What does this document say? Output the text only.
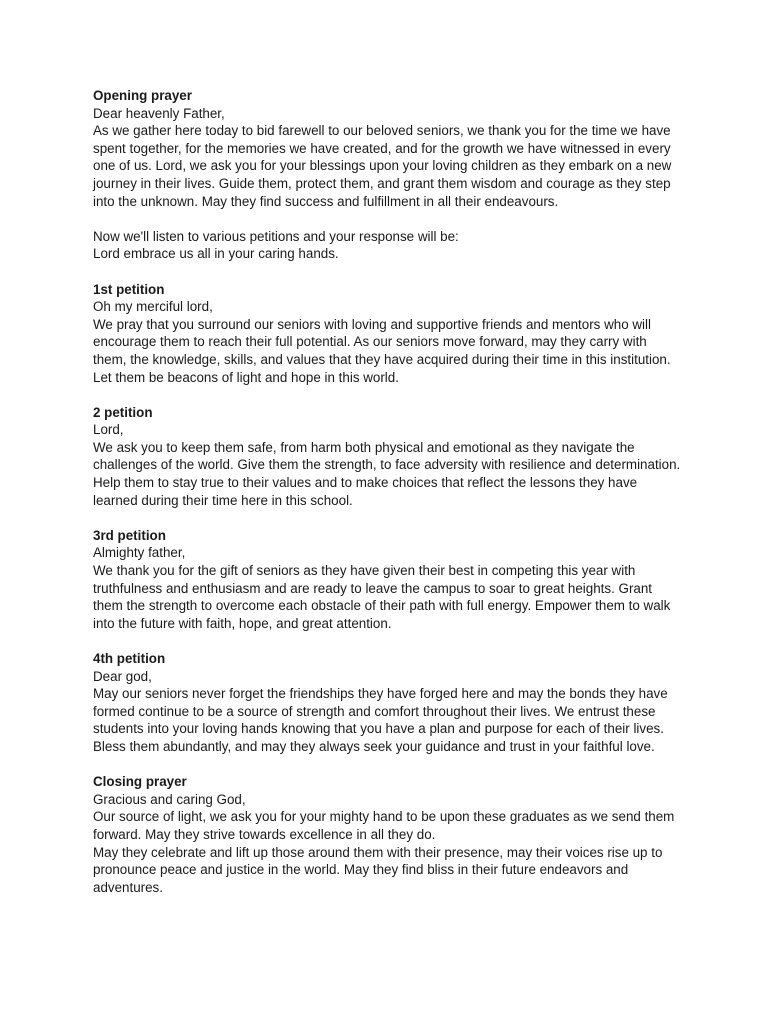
Opening prayer

Dear heavenly Father,

As we gather here today to bid farewell to our beloved seniors, we thank you for the time we have spent together, for the memories we have created, and for the growth we have witnessed in every one of us. Lord, we ask you for your blessings upon your loving children as they embark on a new journey in their lives. Guide them, protect them, and grant them wisdom and courage as they step into the unknown. May they find success and fulfillment in all their endeavours.

Now we'll listen to various petitions and your response will be:

Lord embrace us all in your caring hands.

1st petition

Oh my merciful lord,

We pray that you surround our seniors with loving and supportive friends and mentors who will encourage them to reach their full potential. As our seniors move forward, may they carry with them, the knowledge, skills, and values that they have acquired during their time in this institution. Let them be beacons of light and hope in this world.

2 petition

Lord,

We ask you to keep them safe, from harm both physical and emotional as they navigate the challenges of the world. Give them the strength, to face adversity with resilience and determination. Help them to stay true to their values and to make choices that reflect the lessons they have learned during their time here in this school.

3rd petition

Almighty father,

We thank you for the gift of seniors as they have given their best in competing this year with truthfulness and enthusiasm and are ready to leave the campus to soar to great heights. Grant them the strength to overcome each obstacle of their path with full energy. Empower them to walk into the future with faith, hope, and great attention.

4th petition

Dear god,

May our seniors never forget the friendships they have forged here and may the bonds they have formed continue to be a source of strength and comfort throughout their lives. We entrust these students into your loving hands knowing that you have a plan and purpose for each of their lives. Bless them abundantly, and may they always seek your guidance and trust in your faithful love.

Closing prayer

Gracious and caring God,

Our source of light, we ask you for your mighty hand to be upon these graduates as we send them forward. May they strive towards excellence in all they do.

May they celebrate and lift up those around them with their presence, may their voices rise up to pronounce peace and justice in the world. May they find bliss in their future endeavors and adventures.
